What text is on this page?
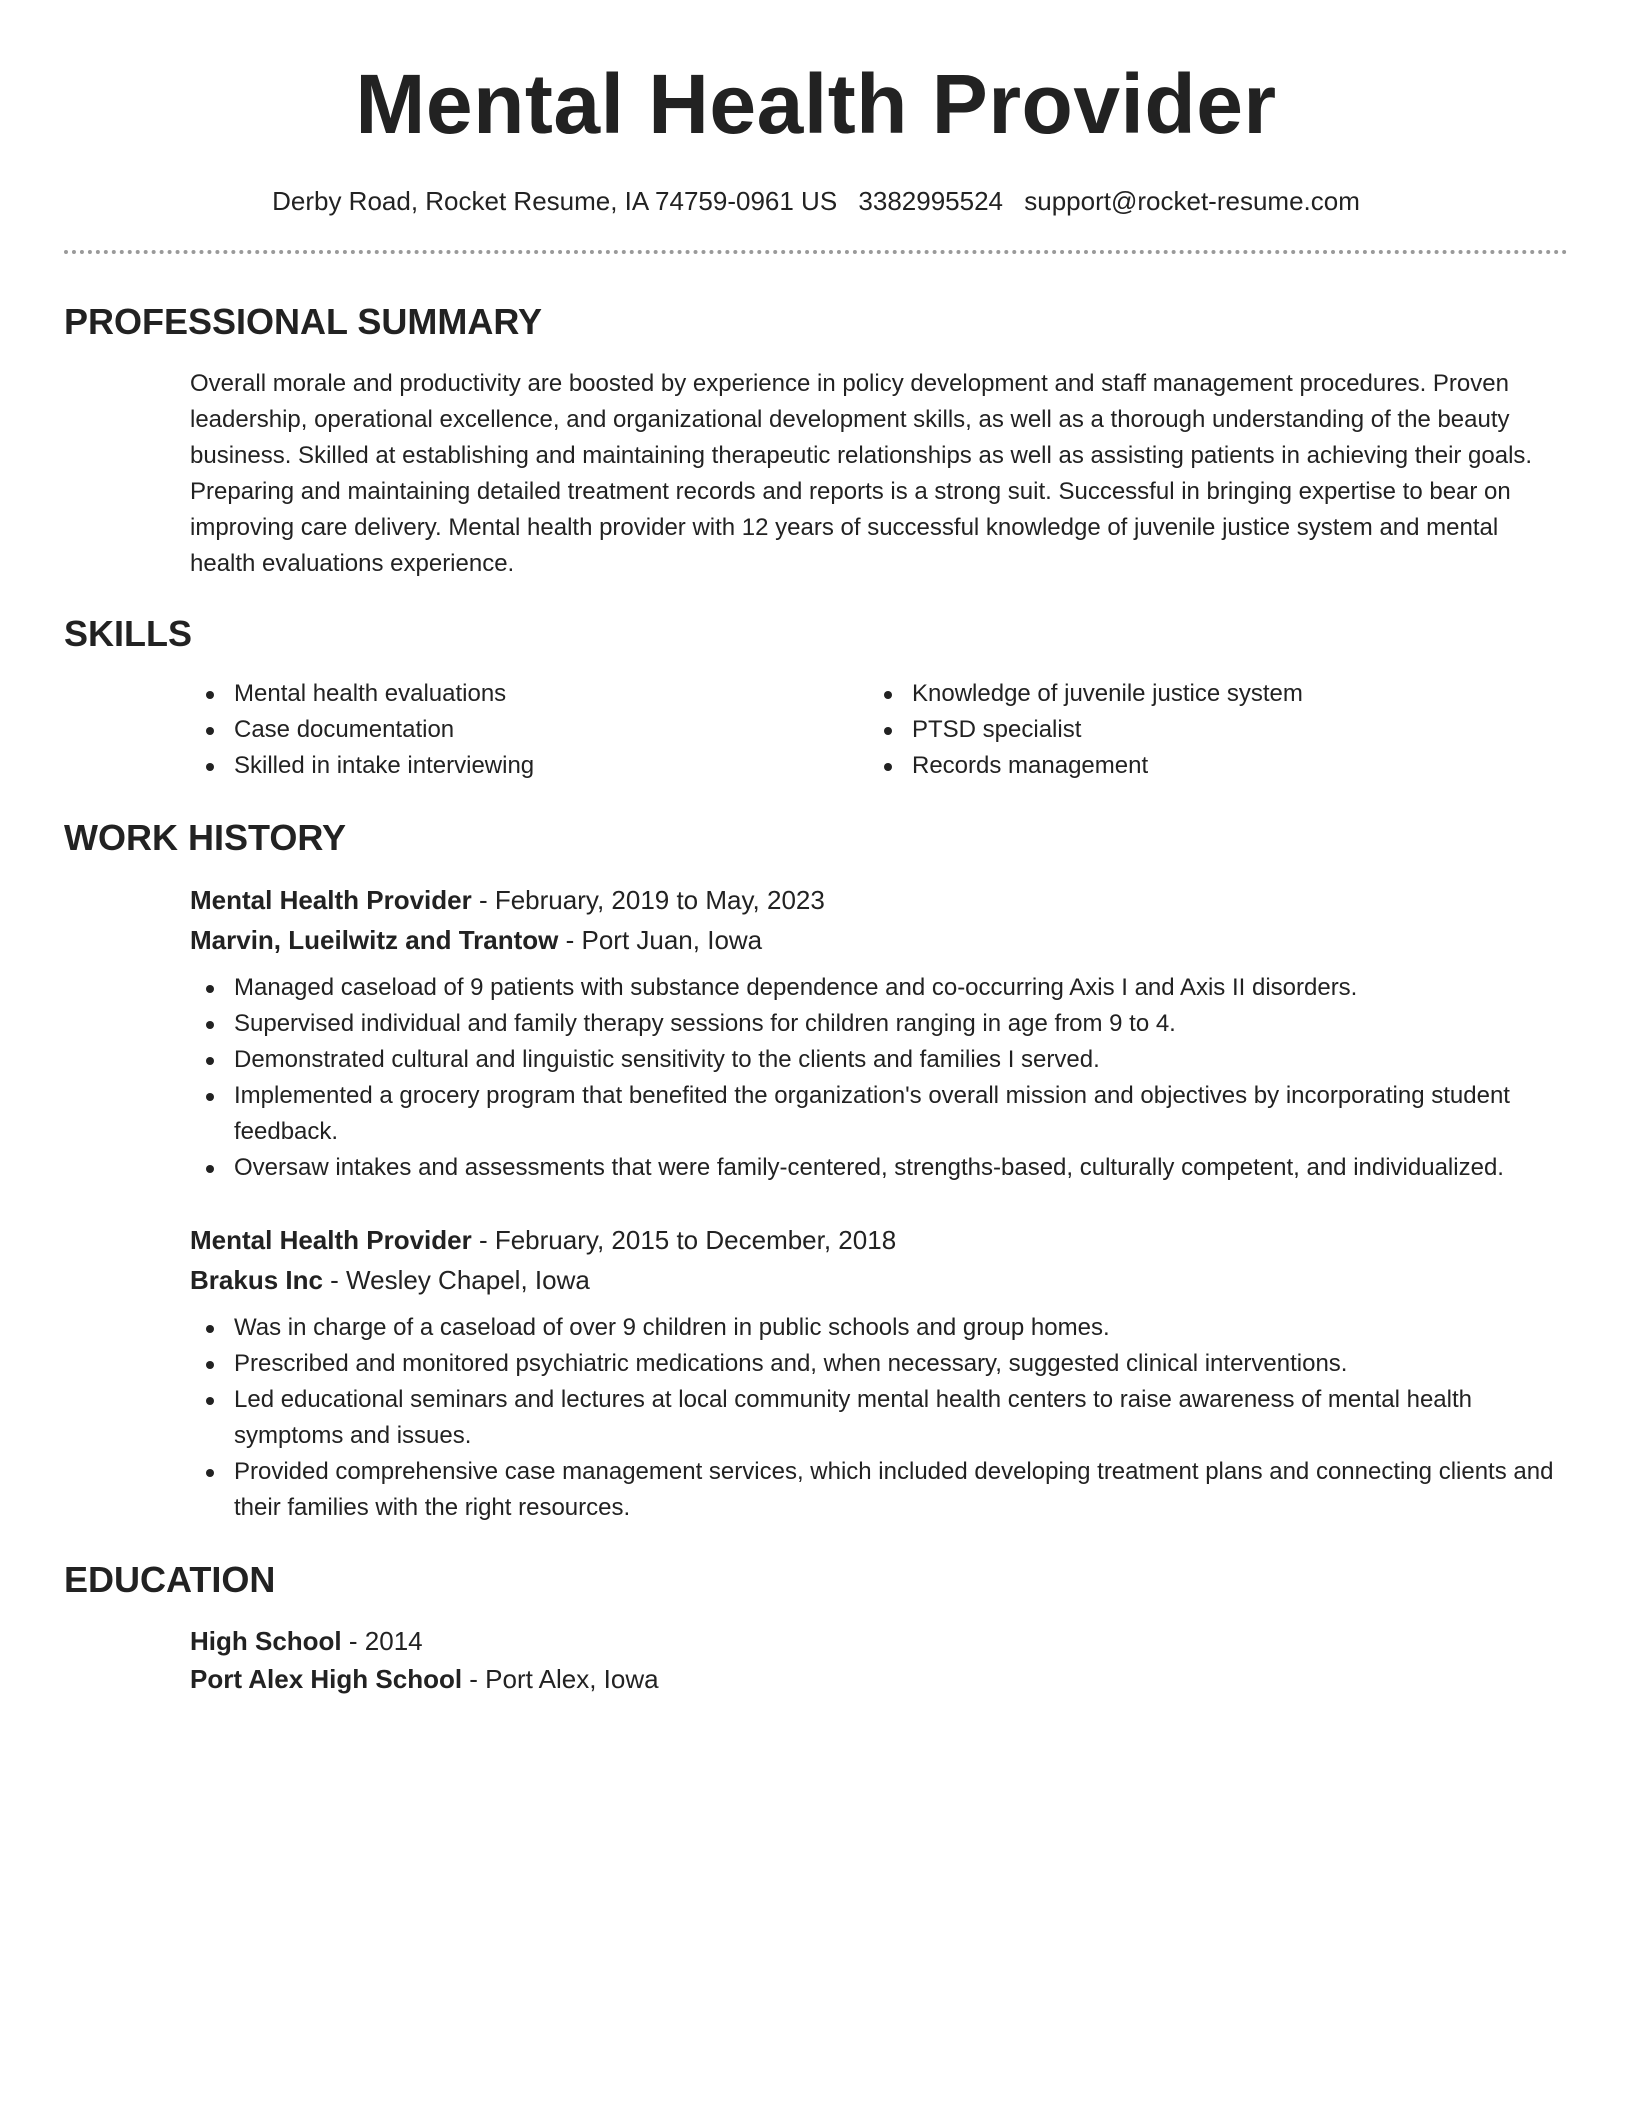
Mental Health Provider
Derby Road, Rocket Resume, IA 74759-0961 US 3382995524 support@rocket-resume.com
PROFESSIONAL SUMMARY

Overall morale and productivity are boosted by experience in policy development and staff management procedures. Proven leadership, operational excellence, and organizational development skills, as well as a thorough understanding of the beauty business. Skilled at establishing and maintaining therapeutic relationships as well as assisting patients in achieving their goals. Preparing and maintaining detailed treatment records and reports is a strong suit. Successful in bringing expertise to bear on improving care delivery. Mental health provider with 12 years of successful knowledge of juvenile justice system and mental health evaluations experience.

SKILLS
Mental health evaluations
Case documentation
Skilled in intake interviewing
Knowledge of juvenile justice system
PTSD specialist
Records management
WORK HISTORY
Mental Health Provider - February, 2019 to May, 2023
Marvin, Lueilwitz and Trantow - Port Juan, Iowa
Managed caseload of 9 patients with substance dependence and co-occurring Axis I and Axis II disorders.
Supervised individual and family therapy sessions for children ranging in age from 9 to 4.
Demonstrated cultural and linguistic sensitivity to the clients and families I served.
Implemented a grocery program that benefited the organization's overall mission and objectives by incorporating student feedback.
Oversaw intakes and assessments that were family-centered, strengths-based, culturally competent, and individualized.
Mental Health Provider - February, 2015 to December, 2018
Brakus Inc - Wesley Chapel, Iowa
Was in charge of a caseload of over 9 children in public schools and group homes.
Prescribed and monitored psychiatric medications and, when necessary, suggested clinical interventions.
Led educational seminars and lectures at local community mental health centers to raise awareness of mental health symptoms and issues.
Provided comprehensive case management services, which included developing treatment plans and connecting clients and their families with the right resources.
EDUCATION
High School - 2014
Port Alex High School - Port Alex, Iowa
